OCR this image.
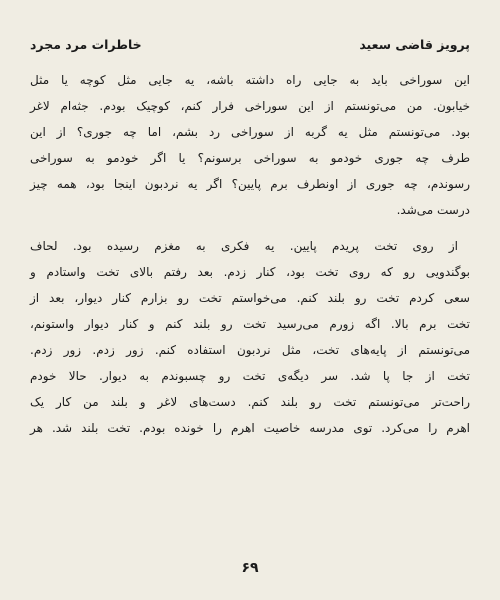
پرویز قاضی سعید
خاطرات مرد مجرد
این سوراخی باید به جایی راه داشته باشه، یه جایی مثل کوچه یا مثل
خیابون. من می‌تونستم از این سوراخی فرار کنم، کوچیک بودم. جثه‌ام لاغر
بود. می‌تونستم مثل یه گربه از سوراخی رد بشم، اما چه جوری؟ از این
طرف چه جوری خودمو به سوراخی برسونم؟ یا اگر خودمو به سوراخی
رسوندم، چه جوری از اونطرف برم پایین؟ اگر یه نردبون اینجا بود، همه چیز
درست می‌شد.
از روی تخت پریدم پایین. یه فکری به مغزم رسیده بود. لحاف
بوگندویی رو که روی تخت بود، کنار زدم. بعد رفتم بالای تخت واستادم و
سعی کردم تخت رو بلند کنم. می‌خواستم تخت رو بزارم کنار دیوار، بعد از
تخت برم بالا. اگه زورم می‌رسید تخت رو بلند کنم و کنار دیوار واستونم،
می‌تونستم از پایه‌های تخت، مثل نردبون استفاده کنم. زور زدم. زور زدم.
تخت از جا پا شد. سر دیگه‌ی تخت رو چسبوندم به دیوار. حالا خودم
راحت‌تر می‌تونستم تخت رو بلند کنم. دست‌های لاغر و بلند من کار یک
اهرم را می‌کرد. توی مدرسه خاصیت اهرم را خونده بودم. تخت بلند شد. هر
۶۹
